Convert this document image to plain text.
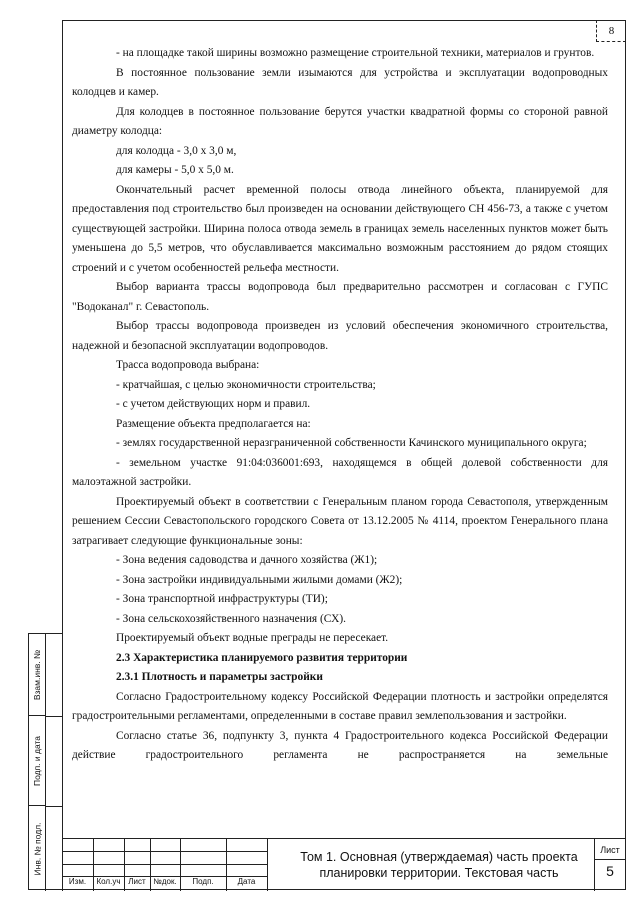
8
Взам.инв. №
Подп. и дата
Инв. № подл.

- на площадке такой ширины возможно размещение строительной техники, материалов и грунтов.

В постоянное пользование земли изымаются для устройства и эксплуатации водопроводных колодцев и камер.

Для колодцев в постоянное пользование берутся участки квадратной формы со стороной равной диаметру колодца:

для колодца - 3,0 х 3,0 м,

для камеры - 5,0 х 5,0 м.

Окончательный расчет временной полосы отвода линейного объекта, планируемой для предоставления под строительство был произведен на основании действующего СН 456-73, а также с учетом существующей застройки. Ширина полоса отвода земель в границах земель населенных пунктов может быть уменьшена до 5,5 метров, что обуславливается максимально возможным расстоянием до рядом стоящих строений и с учетом особенностей рельефа местности.

Выбор варианта трассы водопровода был предварительно рассмотрен и согласован с ГУПС "Водоканал" г. Севастополь.

Выбор трассы водопровода произведен из условий обеспечения экономичного строительства, надежной и безопасной эксплуатации водопроводов.

Трасса водопровода выбрана:

- кратчайшая, с целью экономичности строительства;

- с учетом действующих норм и правил.

Размещение объекта предполагается на:

- землях государственной неразграниченной собственности Качинского муниципального округа;

- земельном участке 91:04:036001:693, находящемся в общей долевой собственности для малоэтажной застройки.

Проектируемый объект в соответствии с Генеральным планом города Севастополя, утвержденным решением Сессии Севастопольского городского Совета от 13.12.2005 № 4114, проектом Генерального плана затрагивает следующие функциональные зоны:

- Зона ведения садоводства и дачного хозяйства (Ж1);

- Зона застройки индивидуальными жилыми домами (Ж2);

- Зона транспортной инфраструктуры (ТИ);

- Зона сельскохозяйственного назначения (СХ).

Проектируемый объект водные преграды не пересекает.

2.3 Характеристика планируемого развития территории

2.3.1 Плотность и параметры застройки

Согласно Градостроительному кодексу Российской Федерации плотность и застройки определятся градостроительными регламентами, определенными в составе правил землепользования и застройки.

Согласно статье 36, подпункту 3, пункта 4 Градостроительного кодекса Российской Федерации действие градостроительного регламента не распространяется на земельные

Изм.	Кол.уч Лист №док.	Подп.	Дата
Том 1. Основная (утверждаемая) часть проекта планировки территории. Текстовая часть
Лист
5
